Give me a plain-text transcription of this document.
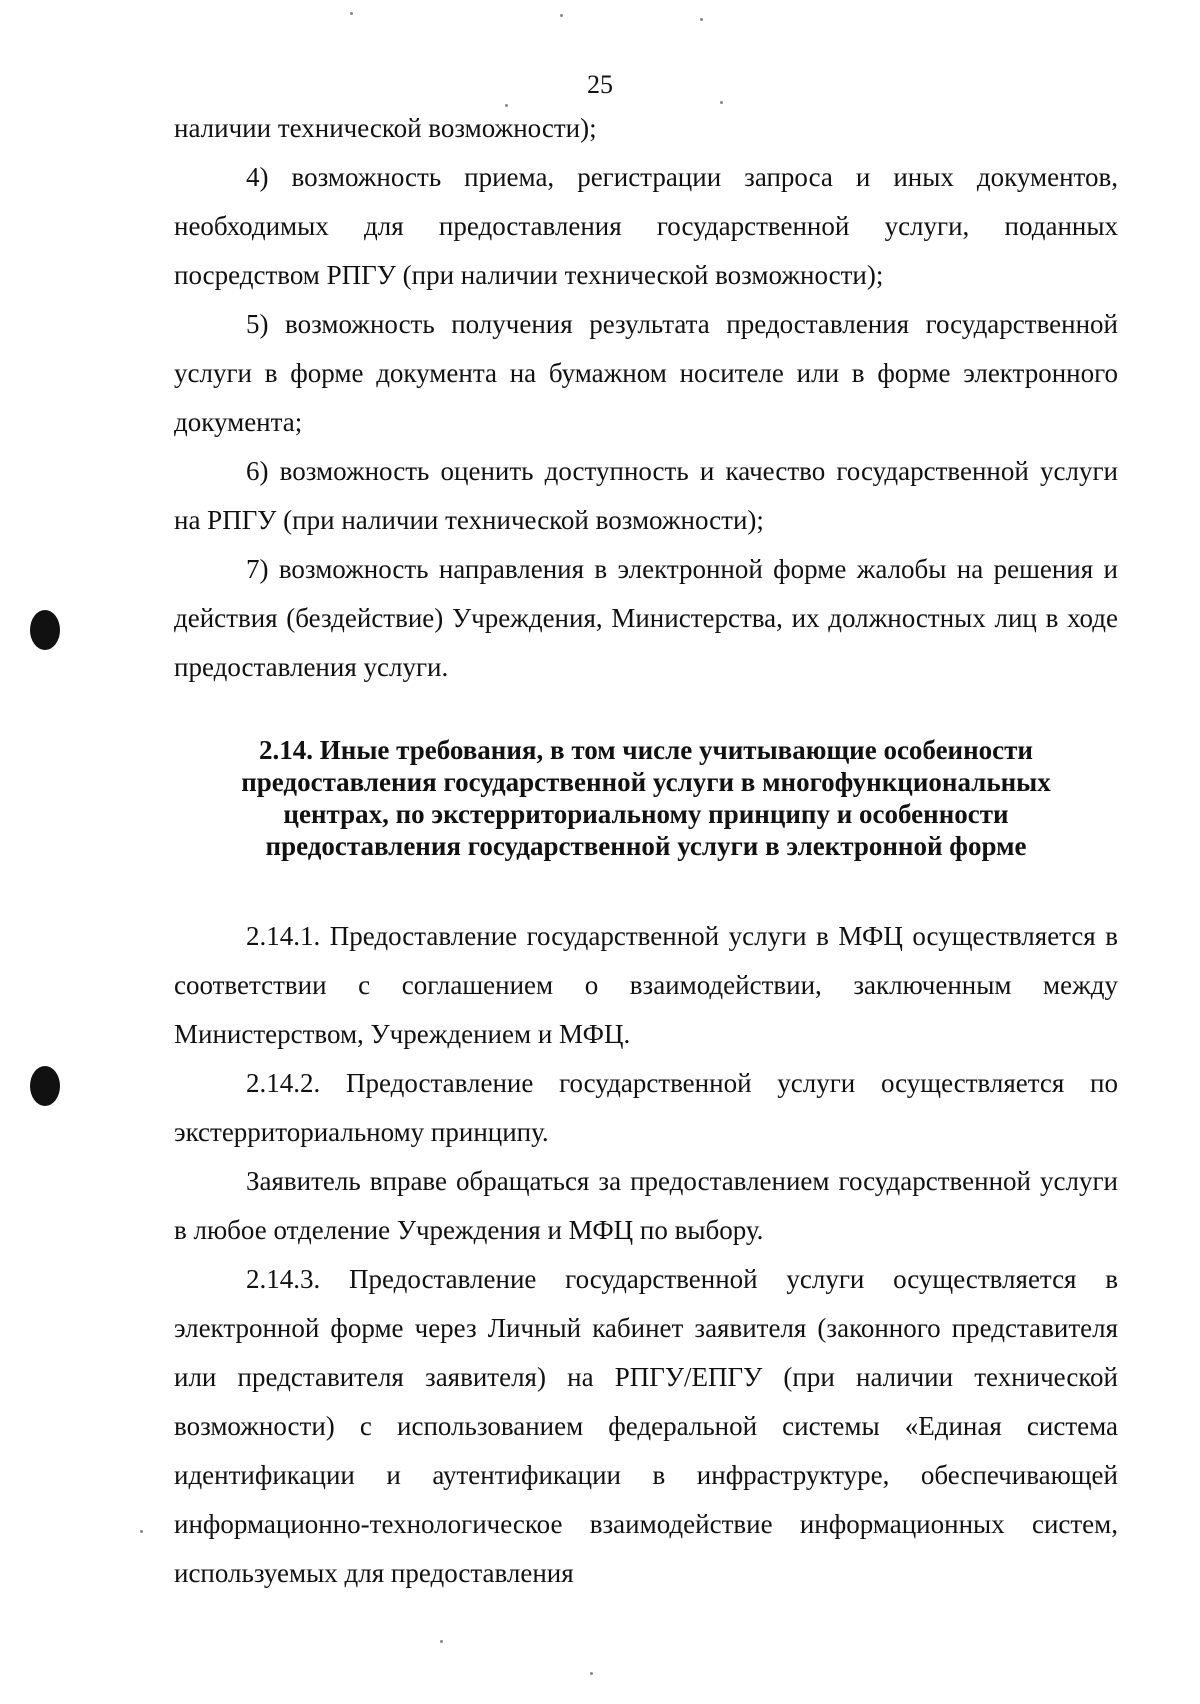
25

наличии технической возможности);

4) возможность приема, регистрации запроса и иных документов, необходимых для предоставления государственной услуги, поданных посредством РПГУ (при наличии технической возможности);

5) возможность получения результата предоставления государственной услуги в форме документа на бумажном носителе или в форме электронного документа;

6) возможность оценить доступность и качество государственной услуги на РПГУ (при наличии технической возможности);

7) возможность направления в электронной форме жалобы на решения и действия (бездействие) Учреждения, Министерства, их должностных лиц в ходе предоставления услуги.

2.14. Иные требования, в том числе учитывающие особеиности
предоставления государственной услуги в многофункциональных
центрах, по экстерриториальному принципу и особенности
предоставления государственной услуги в электронной форме

2.14.1. Предоставление государственной услуги в МФЦ осуществляется в соответствии с соглашением о взаимодействии, заключенным между Министерством, Учреждением и МФЦ.

2.14.2. Предоставление государственной услуги осуществляется по экстерриториальному принципу.

Заявитель вправе обращаться за предоставлением государственной услуги в любое отделение Учреждения и МФЦ по выбору.

2.14.3. Предоставление государственной услуги осуществляется в электронной форме через Личный кабинет заявителя (законного представителя или представителя заявителя) на РПГУ/ЕПГУ (при наличии технической возможности) с использованием федеральной системы «Единая система идентификации и аутентификации в инфраструктуре, обеспечивающей информационно-технологическое взаимодействие информационных систем, используемых для предоставления
